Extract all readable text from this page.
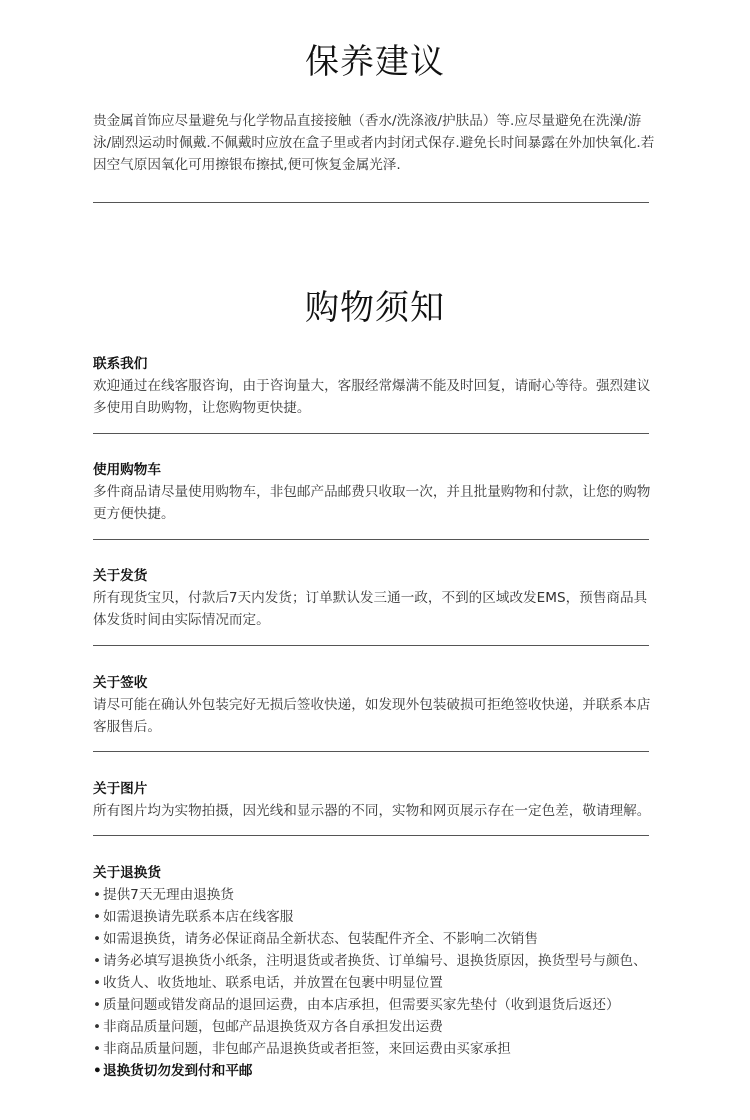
保养建议
贵金属首饰应尽量避免与化学物品直接接触（香水/洗涤液/护肤品）等.应尽量避免在洗澡/游泳/剧烈运动时佩戴.不佩戴时应放在盒子里或者内封闭式保存.避免长时间暴露在外加快氧化.若因空气原因氧化可用擦银布擦拭,便可恢复金属光泽.
购物须知
联系我们
欢迎通过在线客服咨询，由于咨询量大，客服经常爆满不能及时回复，请耐心等待。强烈建议多使用自助购物，让您购物更快捷。
使用购物车
多件商品请尽量使用购物车，非包邮产品邮费只收取一次，并且批量购物和付款，让您的购物更方便快捷。
关于发货
所有现货宝贝，付款后7天内发货；订单默认发三通一政，不到的区域改发EMS，预售商品具体发货时间由实际情况而定。
关于签收
请尽可能在确认外包装完好无损后签收快递，如发现外包装破损可拒绝签收快递，并联系本店客服售后。
关于图片
所有图片均为实物拍摄，因光线和显示器的不同，实物和网页展示存在一定色差，敬请理解。
关于退换货
• 提供7天无理由退换货
• 如需退换请先联系本店在线客服
• 如需退换货，请务必保证商品全新状态、包装配件齐全、不影响二次销售
• 请务必填写退换货小纸条，注明退货或者换货、订单编号、退换货原因，换货型号与颜色、
• 收货人、收货地址、联系电话，并放置在包裹中明显位置
• 质量问题或错发商品的退回运费，由本店承担，但需要买家先垫付（收到退货后返还）
• 非商品质量问题，包邮产品退换货双方各自承担发出运费
• 非商品质量问题，非包邮产品退换货或者拒签，来回运费由买家承担
•退换货切勿发到付和平邮
